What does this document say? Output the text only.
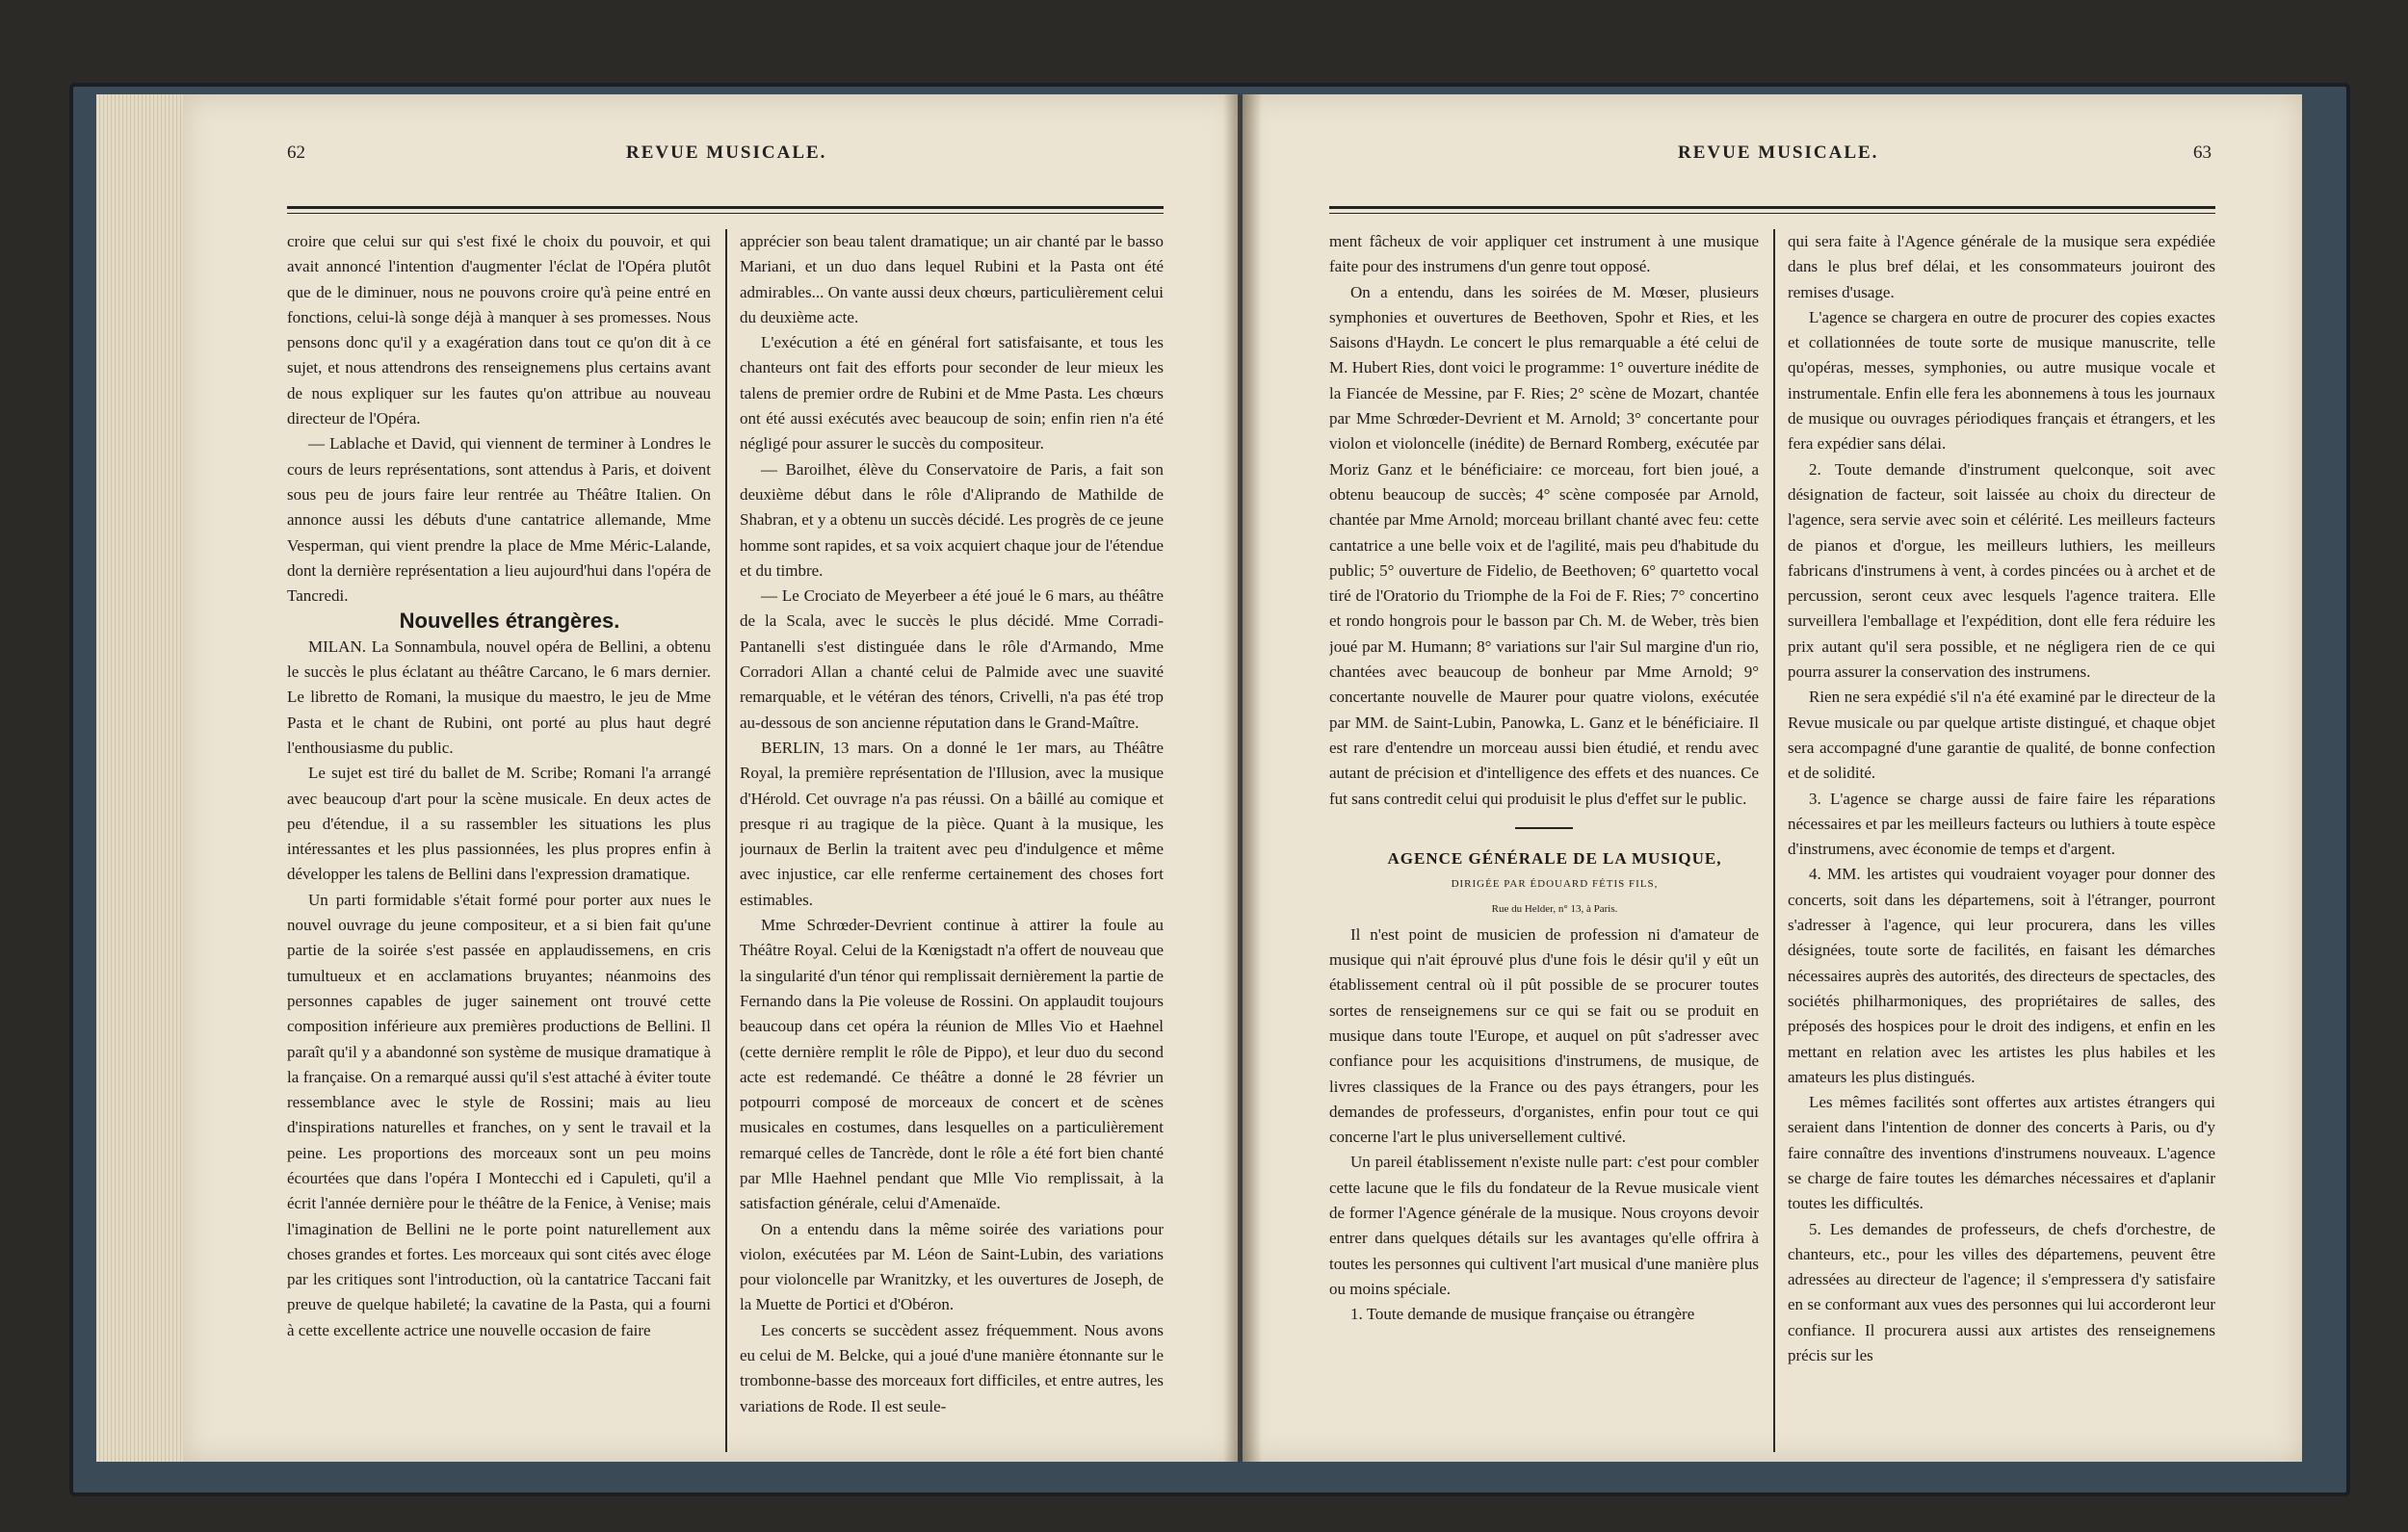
62	REVUE MUSICALE.

croire que celui sur qui s'est fixé le choix du pouvoir, et qui avait annoncé l'intention d'augmenter l'éclat de l'Opéra plutôt que de le diminuer, nous ne pouvons croire qu'à peine entré en fonctions, celui-là songe déjà à manquer à ses promesses. Nous pensons donc qu'il y a exagération dans tout ce qu'on dit à ce sujet, et nous attendrons des renseignemens plus certains avant de nous expliquer sur les fautes qu'on attribue au nouveau directeur de l'Opéra.

— Lablache et David, qui viennent de terminer à Londres le cours de leurs représentations, sont attendus à Paris, et doivent sous peu de jours faire leur rentrée au Théâtre Italien. On annonce aussi les débuts d'une cantatrice allemande, Mme Vesperman, qui vient prendre la place de Mme Méric-Lalande, dont la dernière représentation a lieu aujourd'hui dans l'opéra de Tancredi.

Nouvelles étrangères.

MILAN. La Sonnambula, nouvel opéra de Bellini, a obtenu le succès le plus éclatant au théâtre Carcano, le 6 mars dernier. Le libretto de Romani, la musique du maestro, le jeu de Mme Pasta et le chant de Rubini, ont porté au plus haut degré l'enthousiasme du public.

Le sujet est tiré du ballet de M. Scribe; Romani l'a arrangé avec beaucoup d'art pour la scène musicale. En deux actes de peu d'étendue, il a su rassembler les situations les plus intéressantes et les plus passionnées, les plus propres enfin à développer les talens de Bellini dans l'expression dramatique.

Un parti formidable s'était formé pour porter aux nues le nouvel ouvrage du jeune compositeur, et a si bien fait qu'une partie de la soirée s'est passée en applaudissemens, en cris tumultueux et en acclamations bruyantes; néanmoins des personnes capables de juger sainement ont trouvé cette composition inférieure aux premières productions de Bellini. Il paraît qu'il y a abandonné son système de musique dramatique à la française. On a remarqué aussi qu'il s'est attaché à éviter toute ressemblance avec le style de Rossini; mais au lieu d'inspirations naturelles et franches, on y sent le travail et la peine. Les proportions des morceaux sont un peu moins écourtées que dans l'opéra I Montecchi ed i Capuleti, qu'il a écrit l'année dernière pour le théâtre de la Fenice, à Venise; mais l'imagination de Bellini ne le porte point naturellement aux choses grandes et fortes. Les morceaux qui sont cités avec éloge par les critiques sont l'introduction, où la cantatrice Taccani fait preuve de quelque habileté; la cavatine de la Pasta, qui a fourni à cette excellente actrice une nouvelle occasion de faire

apprécier son beau talent dramatique; un air chanté par le basso Mariani, et un duo dans lequel Rubini et la Pasta ont été admirables... On vante aussi deux chœurs, particulièrement celui du deuxième acte.

L'exécution a été en général fort satisfaisante, et tous les chanteurs ont fait des efforts pour seconder de leur mieux les talens de premier ordre de Rubini et de Mme Pasta. Les chœurs ont été aussi exécutés avec beaucoup de soin; enfin rien n'a été négligé pour assurer le succès du compositeur.

— Baroilhet, élève du Conservatoire de Paris, a fait son deuxième début dans le rôle d'Aliprando de Mathilde de Shabran, et y a obtenu un succès décidé. Les progrès de ce jeune homme sont rapides, et sa voix acquiert chaque jour de l'étendue et du timbre.

— Le Crociato de Meyerbeer a été joué le 6 mars, au théâtre de la Scala, avec le succès le plus décidé. Mme Corradi-Pantanelli s'est distinguée dans le rôle d'Armando, Mme Corradori Allan a chanté celui de Palmide avec une suavité remarquable, et le vétéran des ténors, Crivelli, n'a pas été trop au-dessous de son ancienne réputation dans le Grand-Maître.

BERLIN, 13 mars. On a donné le 1er mars, au Théâtre Royal, la première représentation de l'Illusion, avec la musique d'Hérold. Cet ouvrage n'a pas réussi. On a bâillé au comique et presque ri au tragique de la pièce. Quant à la musique, les journaux de Berlin la traitent avec peu d'indulgence et même avec injustice, car elle renferme certainement des choses fort estimables.

Mme Schrœder-Devrient continue à attirer la foule au Théâtre Royal. Celui de la Kœnigstadt n'a offert de nouveau que la singularité d'un ténor qui remplissait dernièrement la partie de Fernando dans la Pie voleuse de Rossini. On applaudit toujours beaucoup dans cet opéra la réunion de Mlles Vio et Haehnel (cette dernière remplit le rôle de Pippo), et leur duo du second acte est redemandé. Ce théâtre a donné le 28 février un potpourri composé de morceaux de concert et de scènes musicales en costumes, dans lesquelles on a particulièrement remarqué celles de Tancrède, dont le rôle a été fort bien chanté par Mlle Haehnel pendant que Mlle Vio remplissait, à la satisfaction générale, celui d'Amenaïde.

On a entendu dans la même soirée des variations pour violon, exécutées par M. Léon de Saint-Lubin, des variations pour violoncelle par Wranitzky, et les ouvertures de Joseph, de la Muette de Portici et d'Obéron.

Les concerts se succèdent assez fréquemment. Nous avons eu celui de M. Belcke, qui a joué d'une manière étonnante sur le trombonne-basse des morceaux fort difficiles, et entre autres, les variations de Rode. Il est seule-

REVUE MUSICALE.	63

ment fâcheux de voir appliquer cet instrument à une musique faite pour des instrumens d'un genre tout opposé.

On a entendu, dans les soirées de M. Mœser, plusieurs symphonies et ouvertures de Beethoven, Spohr et Ries, et les Saisons d'Haydn. Le concert le plus remarquable a été celui de M. Hubert Ries, dont voici le programme: 1° ouverture inédite de la Fiancée de Messine, par F. Ries; 2° scène de Mozart, chantée par Mme Schrœder-Devrient et M. Arnold; 3° concertante pour violon et violoncelle (inédite) de Bernard Romberg, exécutée par Moriz Ganz et le bénéficiaire: ce morceau, fort bien joué, a obtenu beaucoup de succès; 4° scène composée par Arnold, chantée par Mme Arnold; morceau brillant chanté avec feu: cette cantatrice a une belle voix et de l'agilité, mais peu d'habitude du public; 5° ouverture de Fidelio, de Beethoven; 6° quartetto vocal tiré de l'Oratorio du Triomphe de la Foi de F. Ries; 7° concertino et rondo hongrois pour le basson par Ch. M. de Weber, très bien joué par M. Humann; 8° variations sur l'air Sul margine d'un rio, chantées avec beaucoup de bonheur par Mme Arnold; 9° concertante nouvelle de Maurer pour quatre violons, exécutée par MM. de Saint-Lubin, Panowka, L. Ganz et le bénéficiaire. Il est rare d'entendre un morceau aussi bien étudié, et rendu avec autant de précision et d'intelligence des effets et des nuances. Ce fut sans contredit celui qui produisit le plus d'effet sur le public.

AGENCE GÉNÉRALE DE LA MUSIQUE,

DIRIGÉE PAR ÉDOUARD FÉTIS FILS,

Rue du Helder, n° 13, à Paris.

Il n'est point de musicien de profession ni d'amateur de musique qui n'ait éprouvé plus d'une fois le désir qu'il y eût un établissement central où il pût possible de se procurer toutes sortes de renseignemens sur ce qui se fait ou se produit en musique dans toute l'Europe, et auquel on pût s'adresser avec confiance pour les acquisitions d'instrumens, de musique, de livres classiques de la France ou des pays étrangers, pour les demandes de professeurs, d'organistes, enfin pour tout ce qui concerne l'art le plus universellement cultivé.

Un pareil établissement n'existe nulle part: c'est pour combler cette lacune que le fils du fondateur de la Revue musicale vient de former l'Agence générale de la musique. Nous croyons devoir entrer dans quelques détails sur les avantages qu'elle offrira à toutes les personnes qui cultivent l'art musical d'une manière plus ou moins spéciale.

1. Toute demande de musique française ou étrangère

qui sera faite à l'Agence générale de la musique sera expédiée dans le plus bref délai, et les consommateurs jouiront des remises d'usage.

L'agence se chargera en outre de procurer des copies exactes et collationnées de toute sorte de musique manuscrite, telle qu'opéras, messes, symphonies, ou autre musique vocale et instrumentale. Enfin elle fera les abonnemens à tous les journaux de musique ou ouvrages périodiques français et étrangers, et les fera expédier sans délai.

2. Toute demande d'instrument quelconque, soit avec désignation de facteur, soit laissée au choix du directeur de l'agence, sera servie avec soin et célérité. Les meilleurs facteurs de pianos et d'orgue, les meilleurs luthiers, les meilleurs fabricans d'instrumens à vent, à cordes pincées ou à archet et de percussion, seront ceux avec lesquels l'agence traitera. Elle surveillera l'emballage et l'expédition, dont elle fera réduire les prix autant qu'il sera possible, et ne négligera rien de ce qui pourra assurer la conservation des instrumens.

Rien ne sera expédié s'il n'a été examiné par le directeur de la Revue musicale ou par quelque artiste distingué, et chaque objet sera accompagné d'une garantie de qualité, de bonne confection et de solidité.

3. L'agence se charge aussi de faire faire les réparations nécessaires et par les meilleurs facteurs ou luthiers à toute espèce d'instrumens, avec économie de temps et d'argent.

4. MM. les artistes qui voudraient voyager pour donner des concerts, soit dans les départemens, soit à l'étranger, pourront s'adresser à l'agence, qui leur procurera, dans les villes désignées, toute sorte de facilités, en faisant les démarches nécessaires auprès des autorités, des directeurs de spectacles, des sociétés philharmoniques, des propriétaires de salles, des préposés des hospices pour le droit des indigens, et enfin en les mettant en relation avec les artistes les plus habiles et les amateurs les plus distingués.

Les mêmes facilités sont offertes aux artistes étrangers qui seraient dans l'intention de donner des concerts à Paris, ou d'y faire connaître des inventions d'instrumens nouveaux. L'agence se charge de faire toutes les démarches nécessaires et d'aplanir toutes les difficultés.

5. Les demandes de professeurs, de chefs d'orchestre, de chanteurs, etc., pour les villes des départemens, peuvent être adressées au directeur de l'agence; il s'empressera d'y satisfaire en se conformant aux vues des personnes qui lui accorderont leur confiance. Il procurera aussi aux artistes des renseignemens précis sur les
